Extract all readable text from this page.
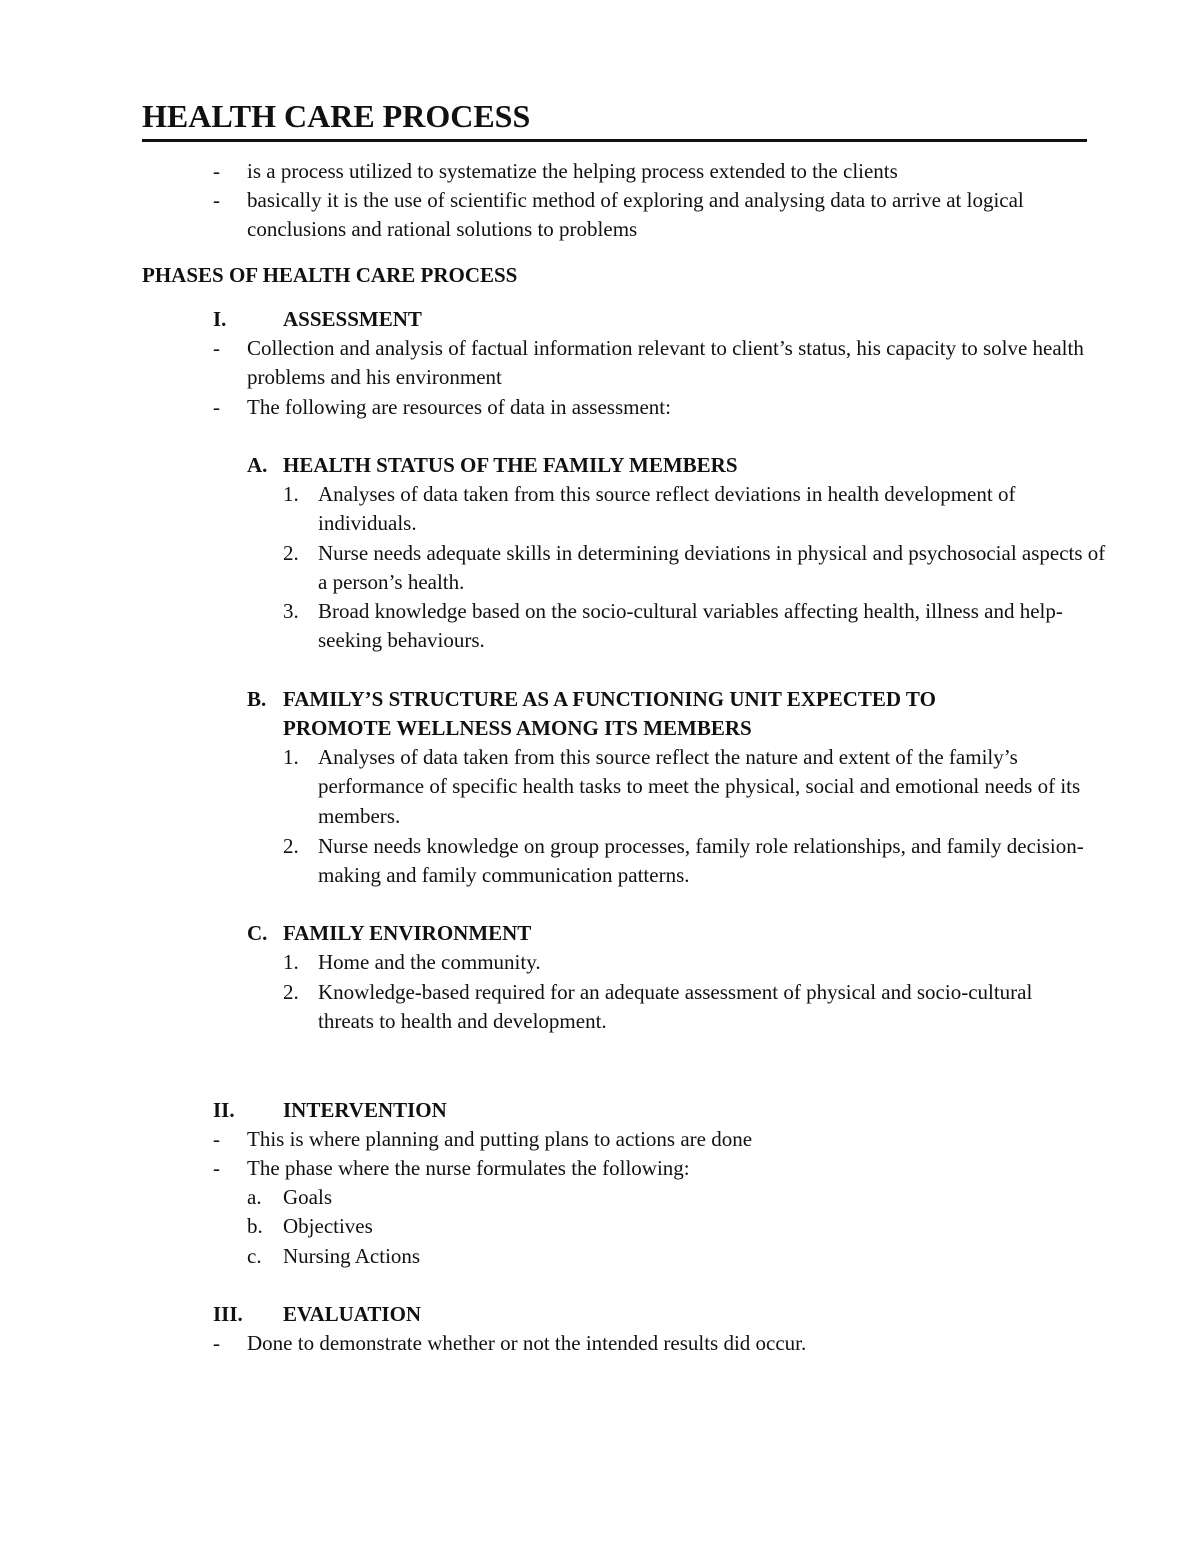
HEALTH CARE PROCESS
- is a process utilized to systematize the helping process extended to the clients
- basically it is the use of scientific method of exploring and analysing data to arrive at logical conclusions and rational solutions to problems
PHASES OF HEALTH CARE PROCESS
I.	ASSESSMENT
- Collection and analysis of factual information relevant to client’s status, his capacity to solve health problems and his environment
- The following are resources of data in assessment:
A. HEALTH STATUS OF THE FAMILY MEMBERS
1. Analyses of data taken from this source reflect deviations in health development of individuals.
2. Nurse needs adequate skills in determining deviations in physical and psychosocial aspects of a person’s health.
3. Broad knowledge based on the socio-cultural variables affecting health, illness and help-seeking behaviours.
B. FAMILY’S STRUCTURE AS A FUNCTIONING UNIT EXPECTED TO PROMOTE WELLNESS AMONG ITS MEMBERS
1. Analyses of data taken from this source reflect the nature and extent of the family’s performance of specific health tasks to meet the physical, social and emotional needs of its members.
2. Nurse needs knowledge on group processes, family role relationships, and family decision-making and family communication patterns.
C. FAMILY ENVIRONMENT
1. Home and the community.
2. Knowledge-based required for an adequate assessment of physical and socio-cultural threats to health and development.
II. INTERVENTION
- This is where planning and putting plans to actions are done
- The phase where the nurse formulates the following:
a. Goals
b. Objectives
c. Nursing Actions
III. EVALUATION
- Done to demonstrate whether or not the intended results did occur.
